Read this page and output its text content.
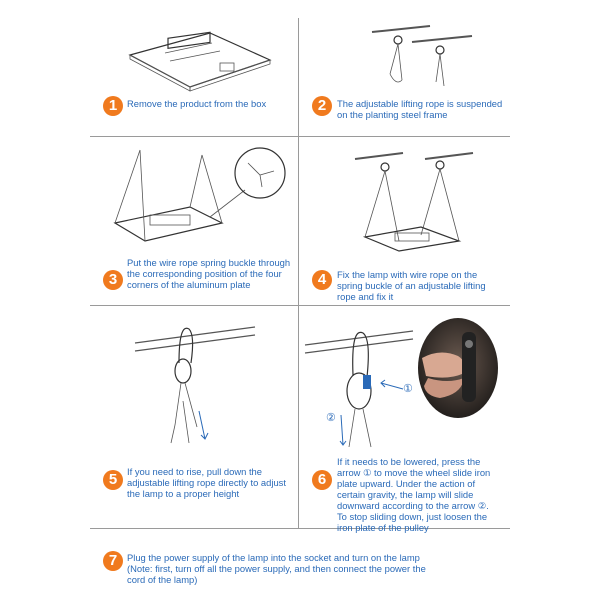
①
②
1	Remove the product from the box	2	The adjustable lifting rope is suspended on the planting steel frame
3
Put the wire rope spring buckle through the corresponding position of the four corners of the aluminum plate	4	Fix the lamp with wire rope on the spring buckle of an adjustable lifting rope and fix it
5	If you need to rise, pull down the adjustable lifting rope directly to adjust the lamp to a proper height
6
If it needs to be lowered, press the arrow ① to move the wheel slide iron plate upward. Under the action of certain gravity, the lamp will slide downward according to the arrow ②. To stop sliding down, just loosen the iron plate of the pulley
7	Plug the power supply of the lamp into the socket and turn on the lamp (Note: first, turn off all the power supply, and then connect the power the cord of the lamp)
